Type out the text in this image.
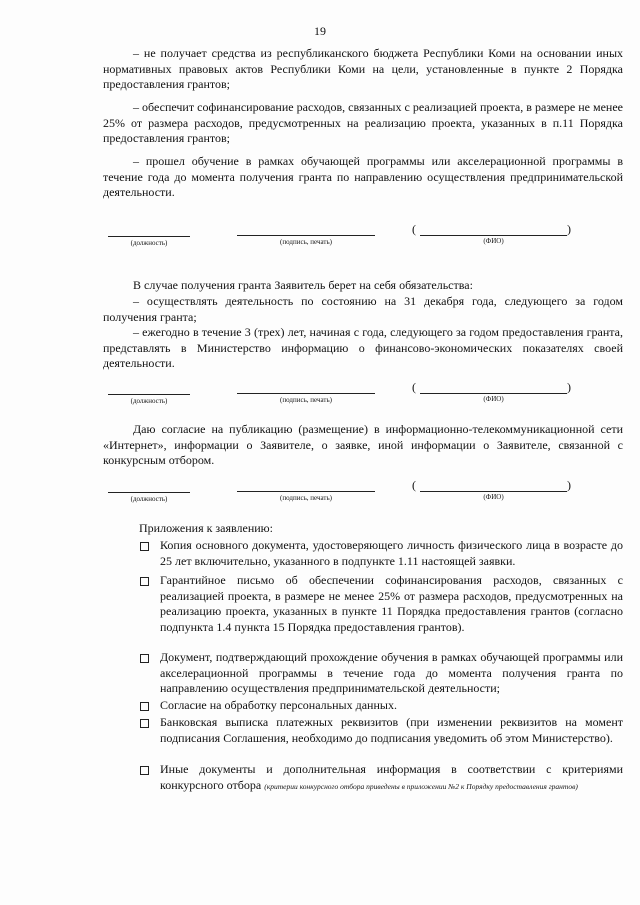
19
– не получает средства из республиканского бюджета Республики Коми на основании иных нормативных правовых актов Республики Коми на цели, установленные в пункте 2 Порядка предоставления грантов;
– обеспечит софинансирование расходов, связанных с реализацией проекта, в размере не менее 25% от размера расходов, предусмотренных на реализацию проекта, указанных в п.11 Порядка предоставления грантов;
– прошел обучение в рамках обучающей программы или акселерационной программы в течение года до момента получения гранта по направлению осуществления предпринимательской деятельности.
(должность)	(подпись, печать)
(	)
(ФИО)
В случае получения гранта Заявитель берет на себя обязательства:
– осуществлять деятельность по состоянию на 31 декабря года, следующего за годом получения гранта;
– ежегодно в течение 3 (трех) лет, начиная с года, следующего за годом предоставления гранта, представлять в Министерство информацию о финансово-экономических показателях своей деятельности.
(должность)	(подпись, печать)
(	)
(ФИО)
Даю согласие на публикацию (размещение) в информационно-телекоммуникационной сети «Интернет», информации о Заявителе, о заявке, иной информации о Заявителе, связанной с конкурсным отбором.
(должность)	(подпись, печать)
(	)
(ФИО)
Приложения к заявлению:
Копия основного документа, удостоверяющего личность физического лица в возрасте до 25 лет включительно, указанного в подпункте 1.11 настоящей заявки.
Гарантийное письмо об обеспечении софинансирования расходов, связанных с реализацией проекта, в размере не менее 25% от размера расходов, предусмотренных на реализацию проекта, указанных в пункте 11 Порядка предоставления грантов (согласно подпункта 1.4 пункта 15 Порядка предоставления грантов).
Документ, подтверждающий прохождение обучения в рамках обучающей программы или акселерационной программы в течение года до момента получения гранта по направлению осуществления предпринимательской деятельности;
Согласие на обработку персональных данных.
Банковская выписка платежных реквизитов (при изменении реквизитов на момент подписания Соглашения, необходимо до подписания уведомить об этом Министерство).
Иные документы и дополнительная информация в соответствии с критериями конкурсного отбора (критерии конкурсного отбора приведены в приложении №2 к Порядку предоставления грантов)
